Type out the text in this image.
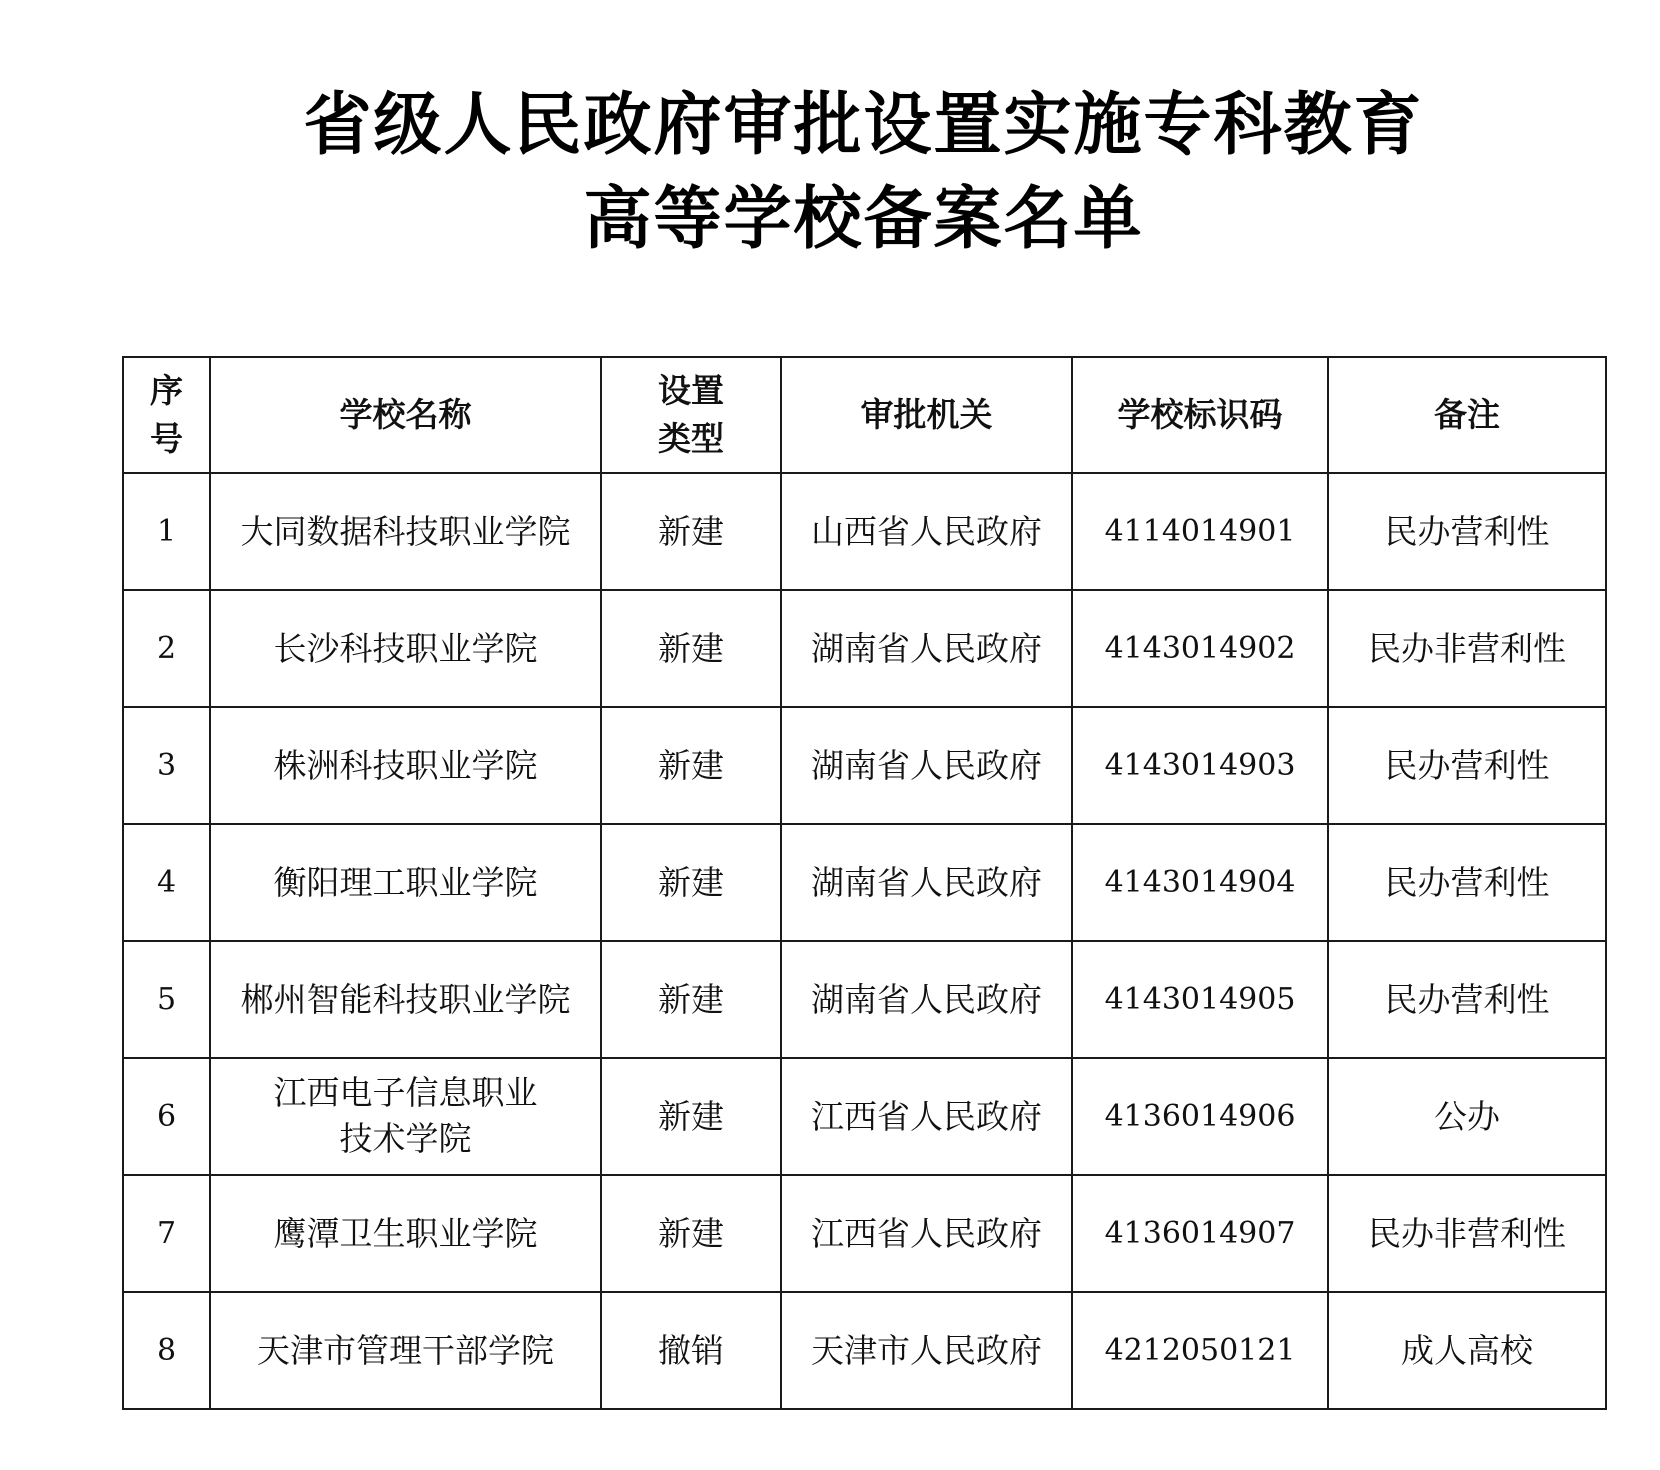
省级人民政府审批设置实施专科教育
高等学校备案名单
序号	学校名称	设置类型	审批机关	学校标识码	备注
1	大同数据科技职业学院	新建	山西省人民政府	4114014901	民办营利性
2	长沙科技职业学院	新建	湖南省人民政府	4143014902	民办非营利性
3	株洲科技职业学院	新建	湖南省人民政府	4143014903	民办营利性
4	衡阳理工职业学院	新建	湖南省人民政府	4143014904	民办营利性
5	郴州智能科技职业学院	新建	湖南省人民政府	4143014905	民办营利性
6	江西电子信息职业技术学院	新建	江西省人民政府	4136014906	公办
7	鹰潭卫生职业学院	新建	江西省人民政府	4136014907	民办非营利性
8	天津市管理干部学院	撤销	天津市人民政府	4212050121	成人高校
